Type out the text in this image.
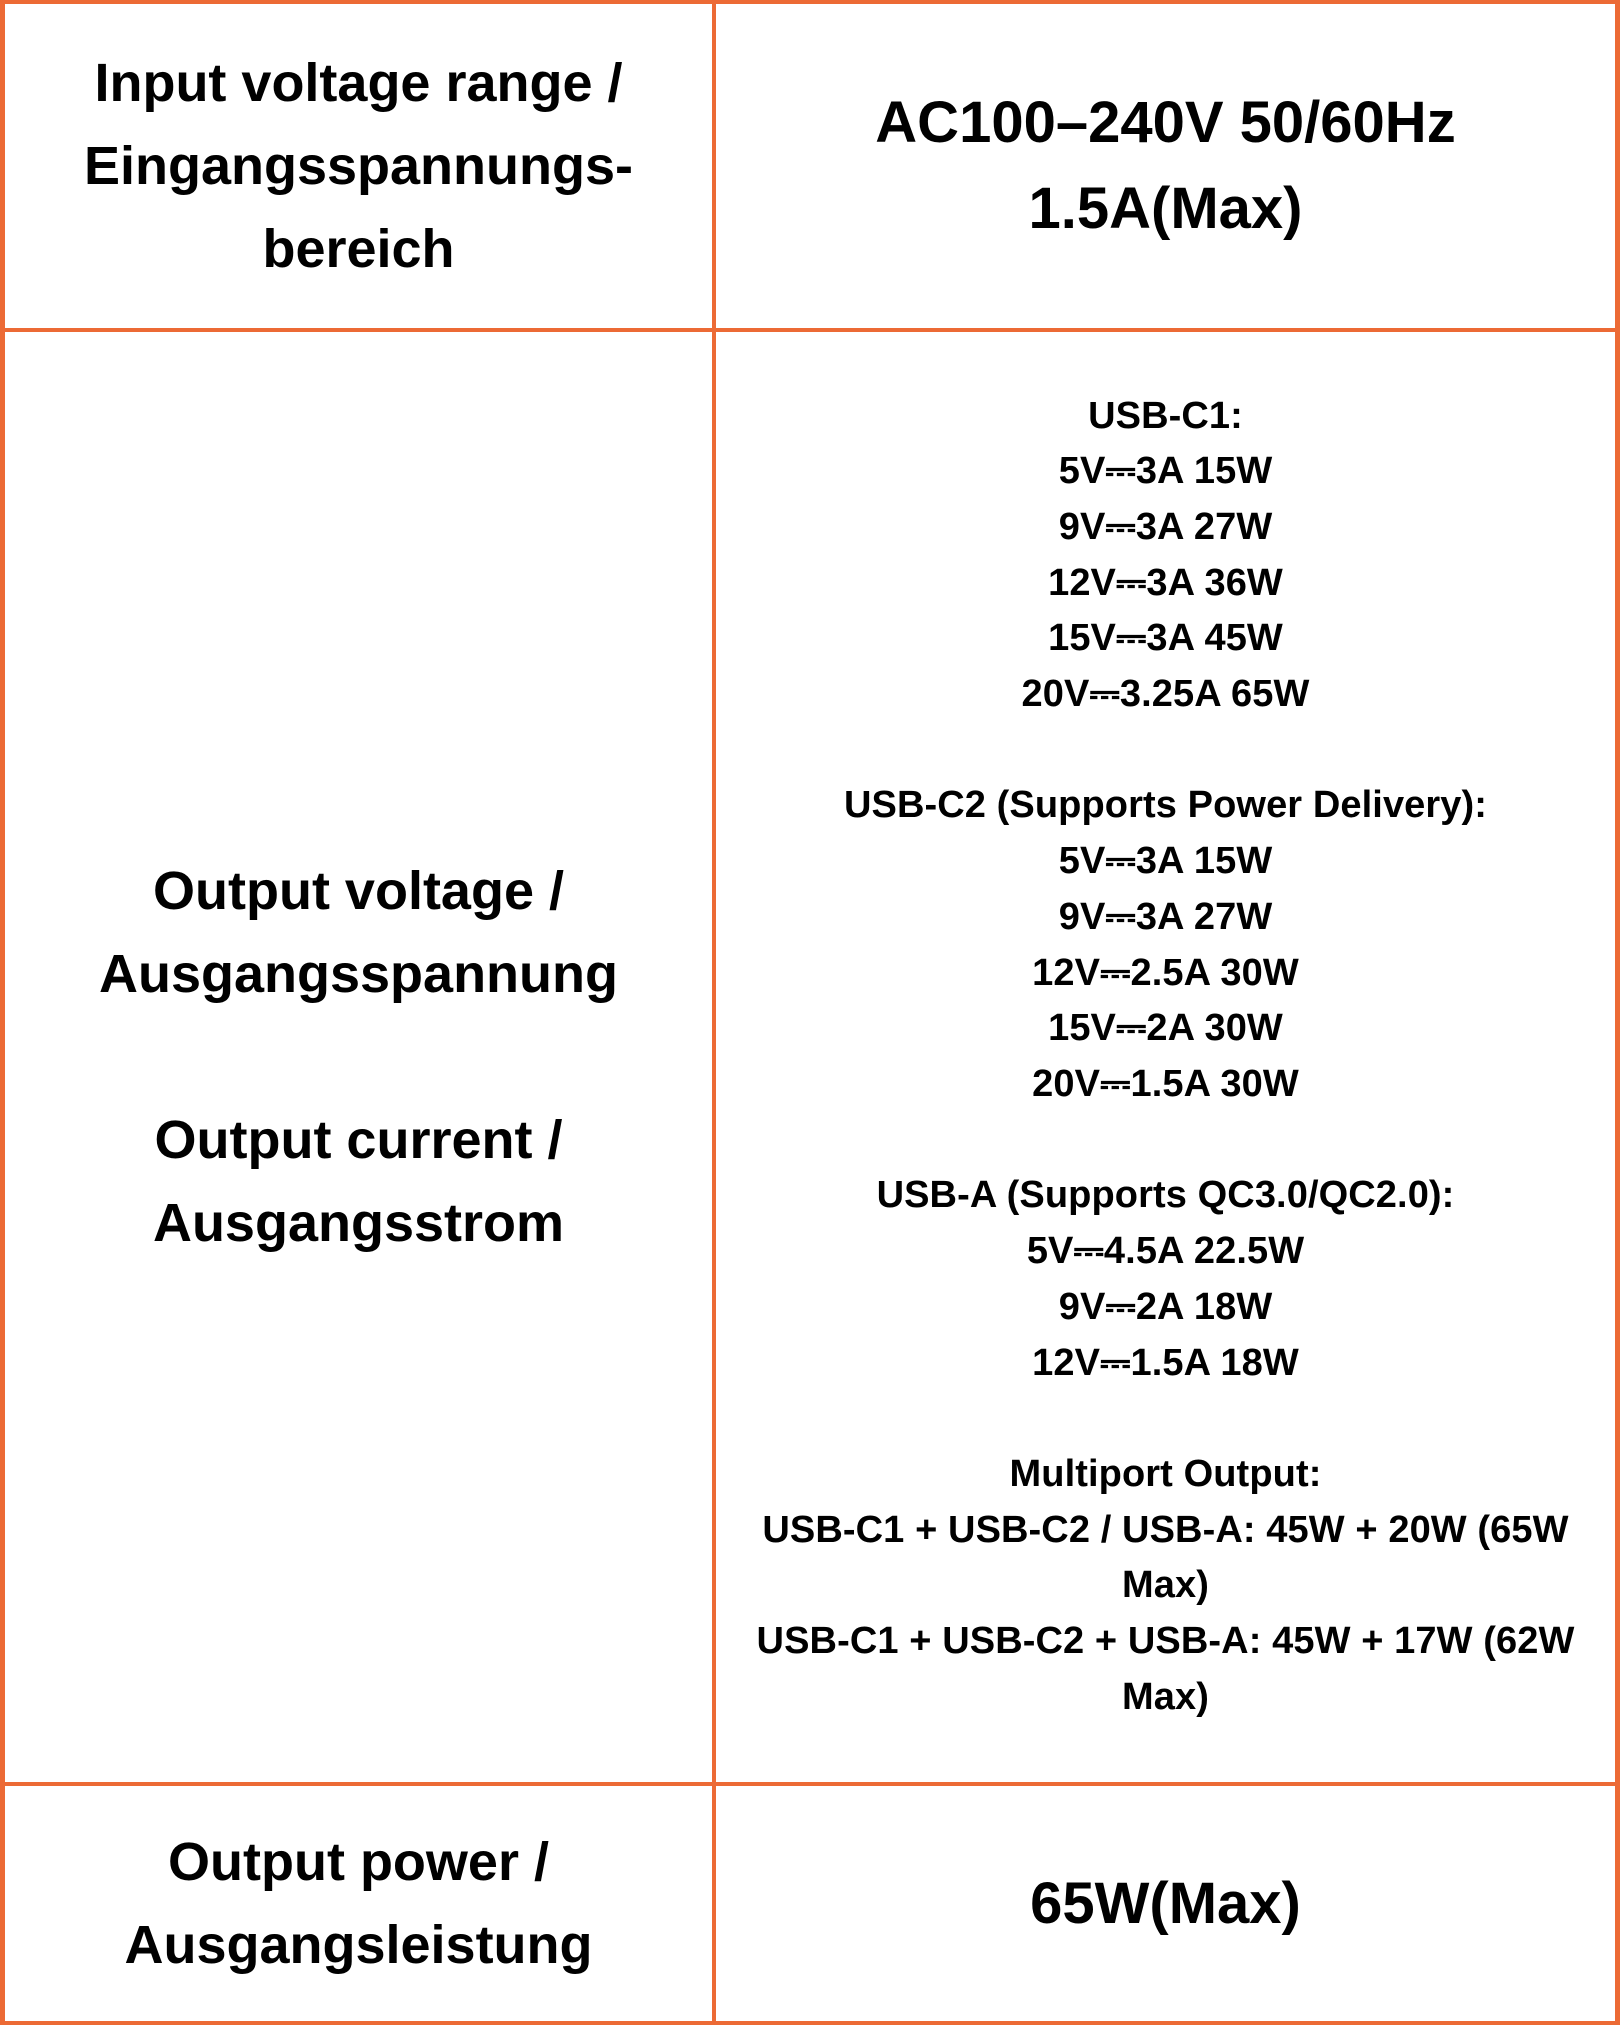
Input voltage range /
Eingangsspannungs-
bereich
AC100–240V 50/60Hz
1.5A(Max)
Output voltage /
Ausgangsspannung
Output current /
Ausgangsstrom
USB-C1:
5V⎓3A 15W
9V⎓3A 27W
12V⎓3A 36W
15V⎓3A 45W
20V⎓3.25A 65W
USB-C2 (Supports Power Delivery):
5V⎓3A 15W
9V⎓3A 27W
12V⎓2.5A 30W
15V⎓2A 30W
20V⎓1.5A 30W
USB-A (Supports QC3.0/QC2.0):
5V⎓4.5A 22.5W
9V⎓2A 18W
12V⎓1.5A 18W
Multiport Output:
USB-C1 + USB-C2 / USB-A: 45W + 20W (65W Max)
USB-C1 + USB-C2 + USB-A: 45W + 17W (62W Max)
Output power /
Ausgangsleistung
65W(Max)
